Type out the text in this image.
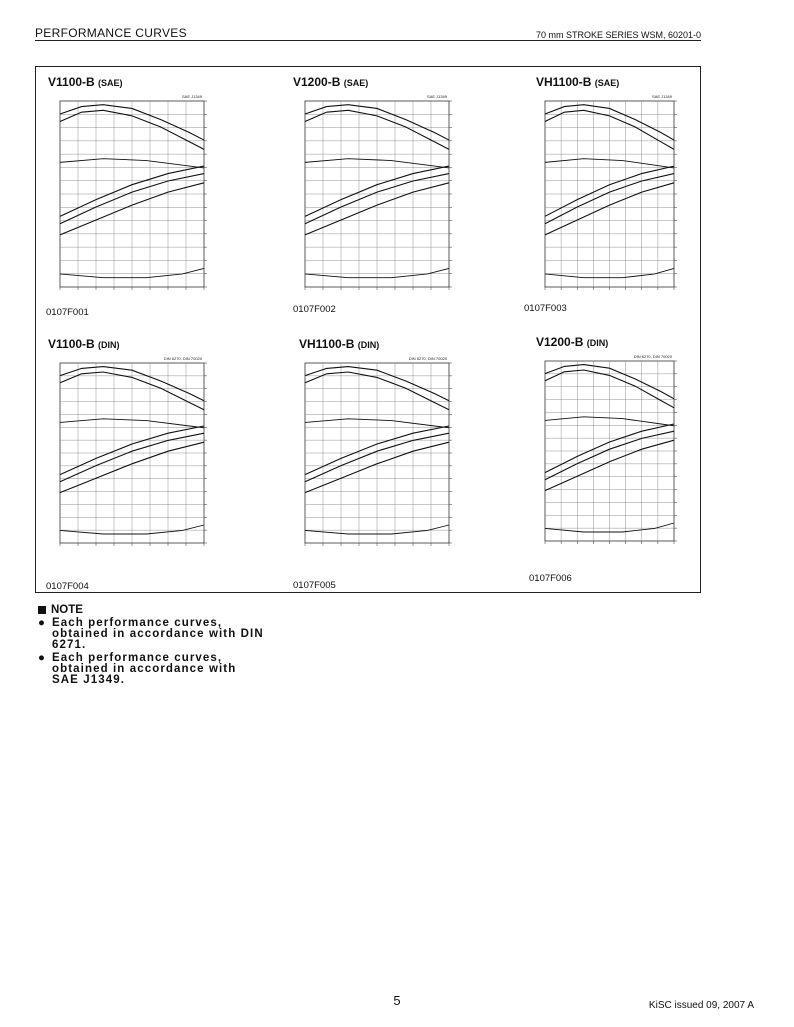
PERFORMANCE CURVES	70 mm STROKE SERIES WSM, 60201-0
V1100-B (SAE)
SAE J1349
0107F001
V1200-B (SAE)
SAE J1349
0107F002
VH1100-B (SAE)
SAE J1349
0107F003
V1100-B (DIN)
DIN 6270, DIN 70020
0107F004
VH1100-B (DIN)
DIN 6270, DIN 70020
0107F005
V1200-B (DIN)
DIN 6270, DIN 70020
0107F006
NOTE
● Each performance curves, obtained in accordance with DIN 6271.
● Each performance curves, obtained in accordance with SAE J1349.
5	KiSC issued 09, 2007 A
